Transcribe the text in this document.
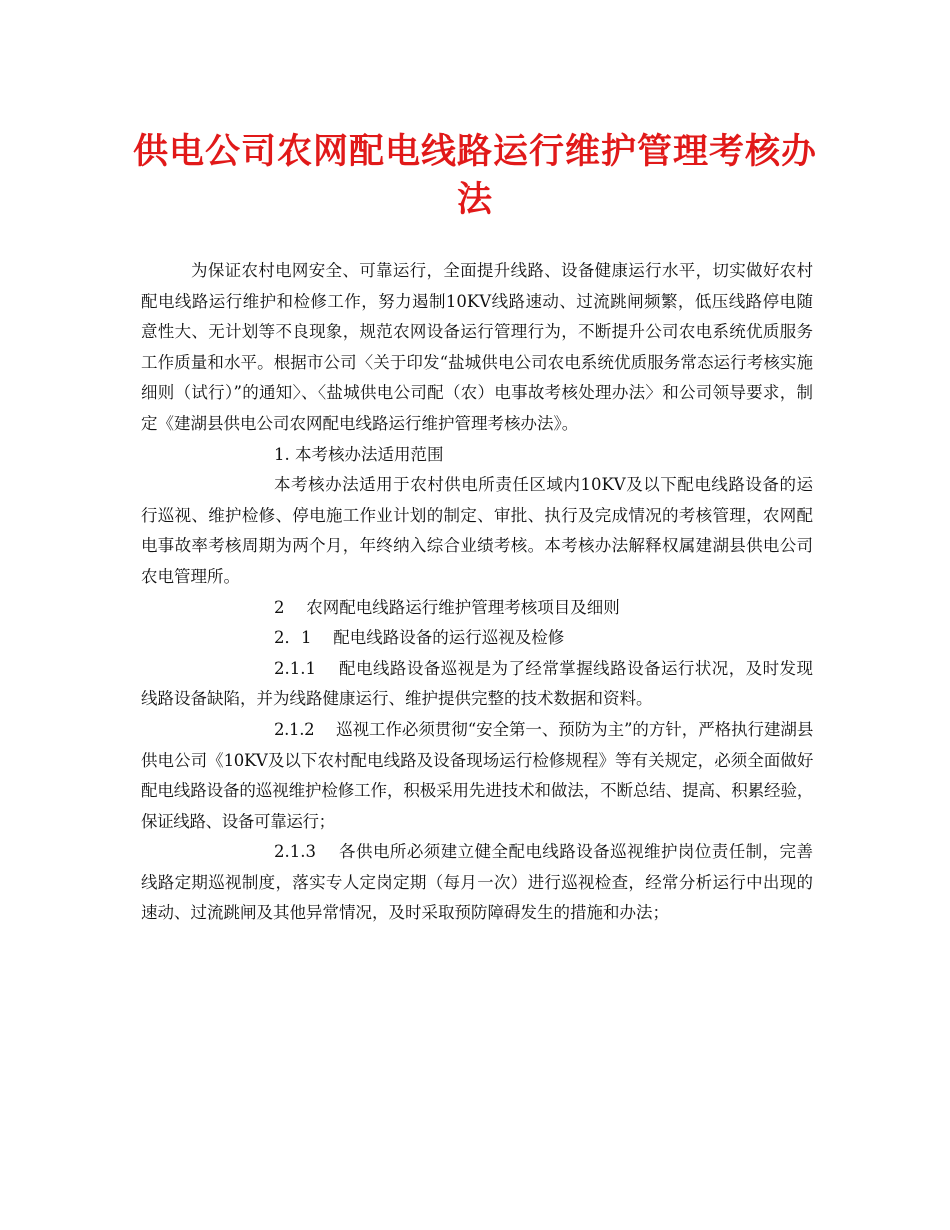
供电公司农网配电线路运行维护管理考核办法

为保证农村电网安全、可靠运行，全面提升线路、设备健康运行水平，切实做好农村配电线路运行维护和检修工作，努力遏制10KV线路速动、过流跳闸频繁，低压线路停电随意性大、无计划等不良现象，规范农网设备运行管理行为，不断提升公司农电系统优质服务工作质量和水平。根据市公司〈关于印发“盐城供电公司农电系统优质服务常态运行考核实施细则（试行）”的通知〉、〈盐城供电公司配（农）电事故考核处理办法〉和公司领导要求，制定《建湖县供电公司农网配电线路运行维护管理考核办法》。

1. 本考核办法适用范围

本考核办法适用于农村供电所责任区域内10KV及以下配电线路设备的运行巡视、维护检修、停电施工作业计划的制定、审批、执行及完成情况的考核管理，农网配电事故率考核周期为两个月，年终纳入综合业绩考核。本考核办法解释权属建湖县供电公司农电管理所。

2　 农网配电线路运行维护管理考核项目及细则

2．1　 配电线路设备的运行巡视及检修

2.1.1　 配电线路设备巡视是为了经常掌握线路设备运行状况，及时发现线路设备缺陷，并为线路健康运行、维护提供完整的技术数据和资料。

2.1.2　 巡视工作必须贯彻“安全第一、预防为主”的方针，严格执行建湖县供电公司《10KV及以下农村配电线路及设备现场运行检修规程》等有关规定，必须全面做好配电线路设备的巡视维护检修工作，积极采用先进技术和做法，不断总结、提高、积累经验，保证线路、设备可靠运行；

2.1.3　 各供电所必须建立健全配电线路设备巡视维护岗位责任制，完善线路定期巡视制度，落实专人定岗定期（每月一次）进行巡视检查，经常分析运行中出现的速动、过流跳闸及其他异常情况，及时采取预防障碍发生的措施和办法；
